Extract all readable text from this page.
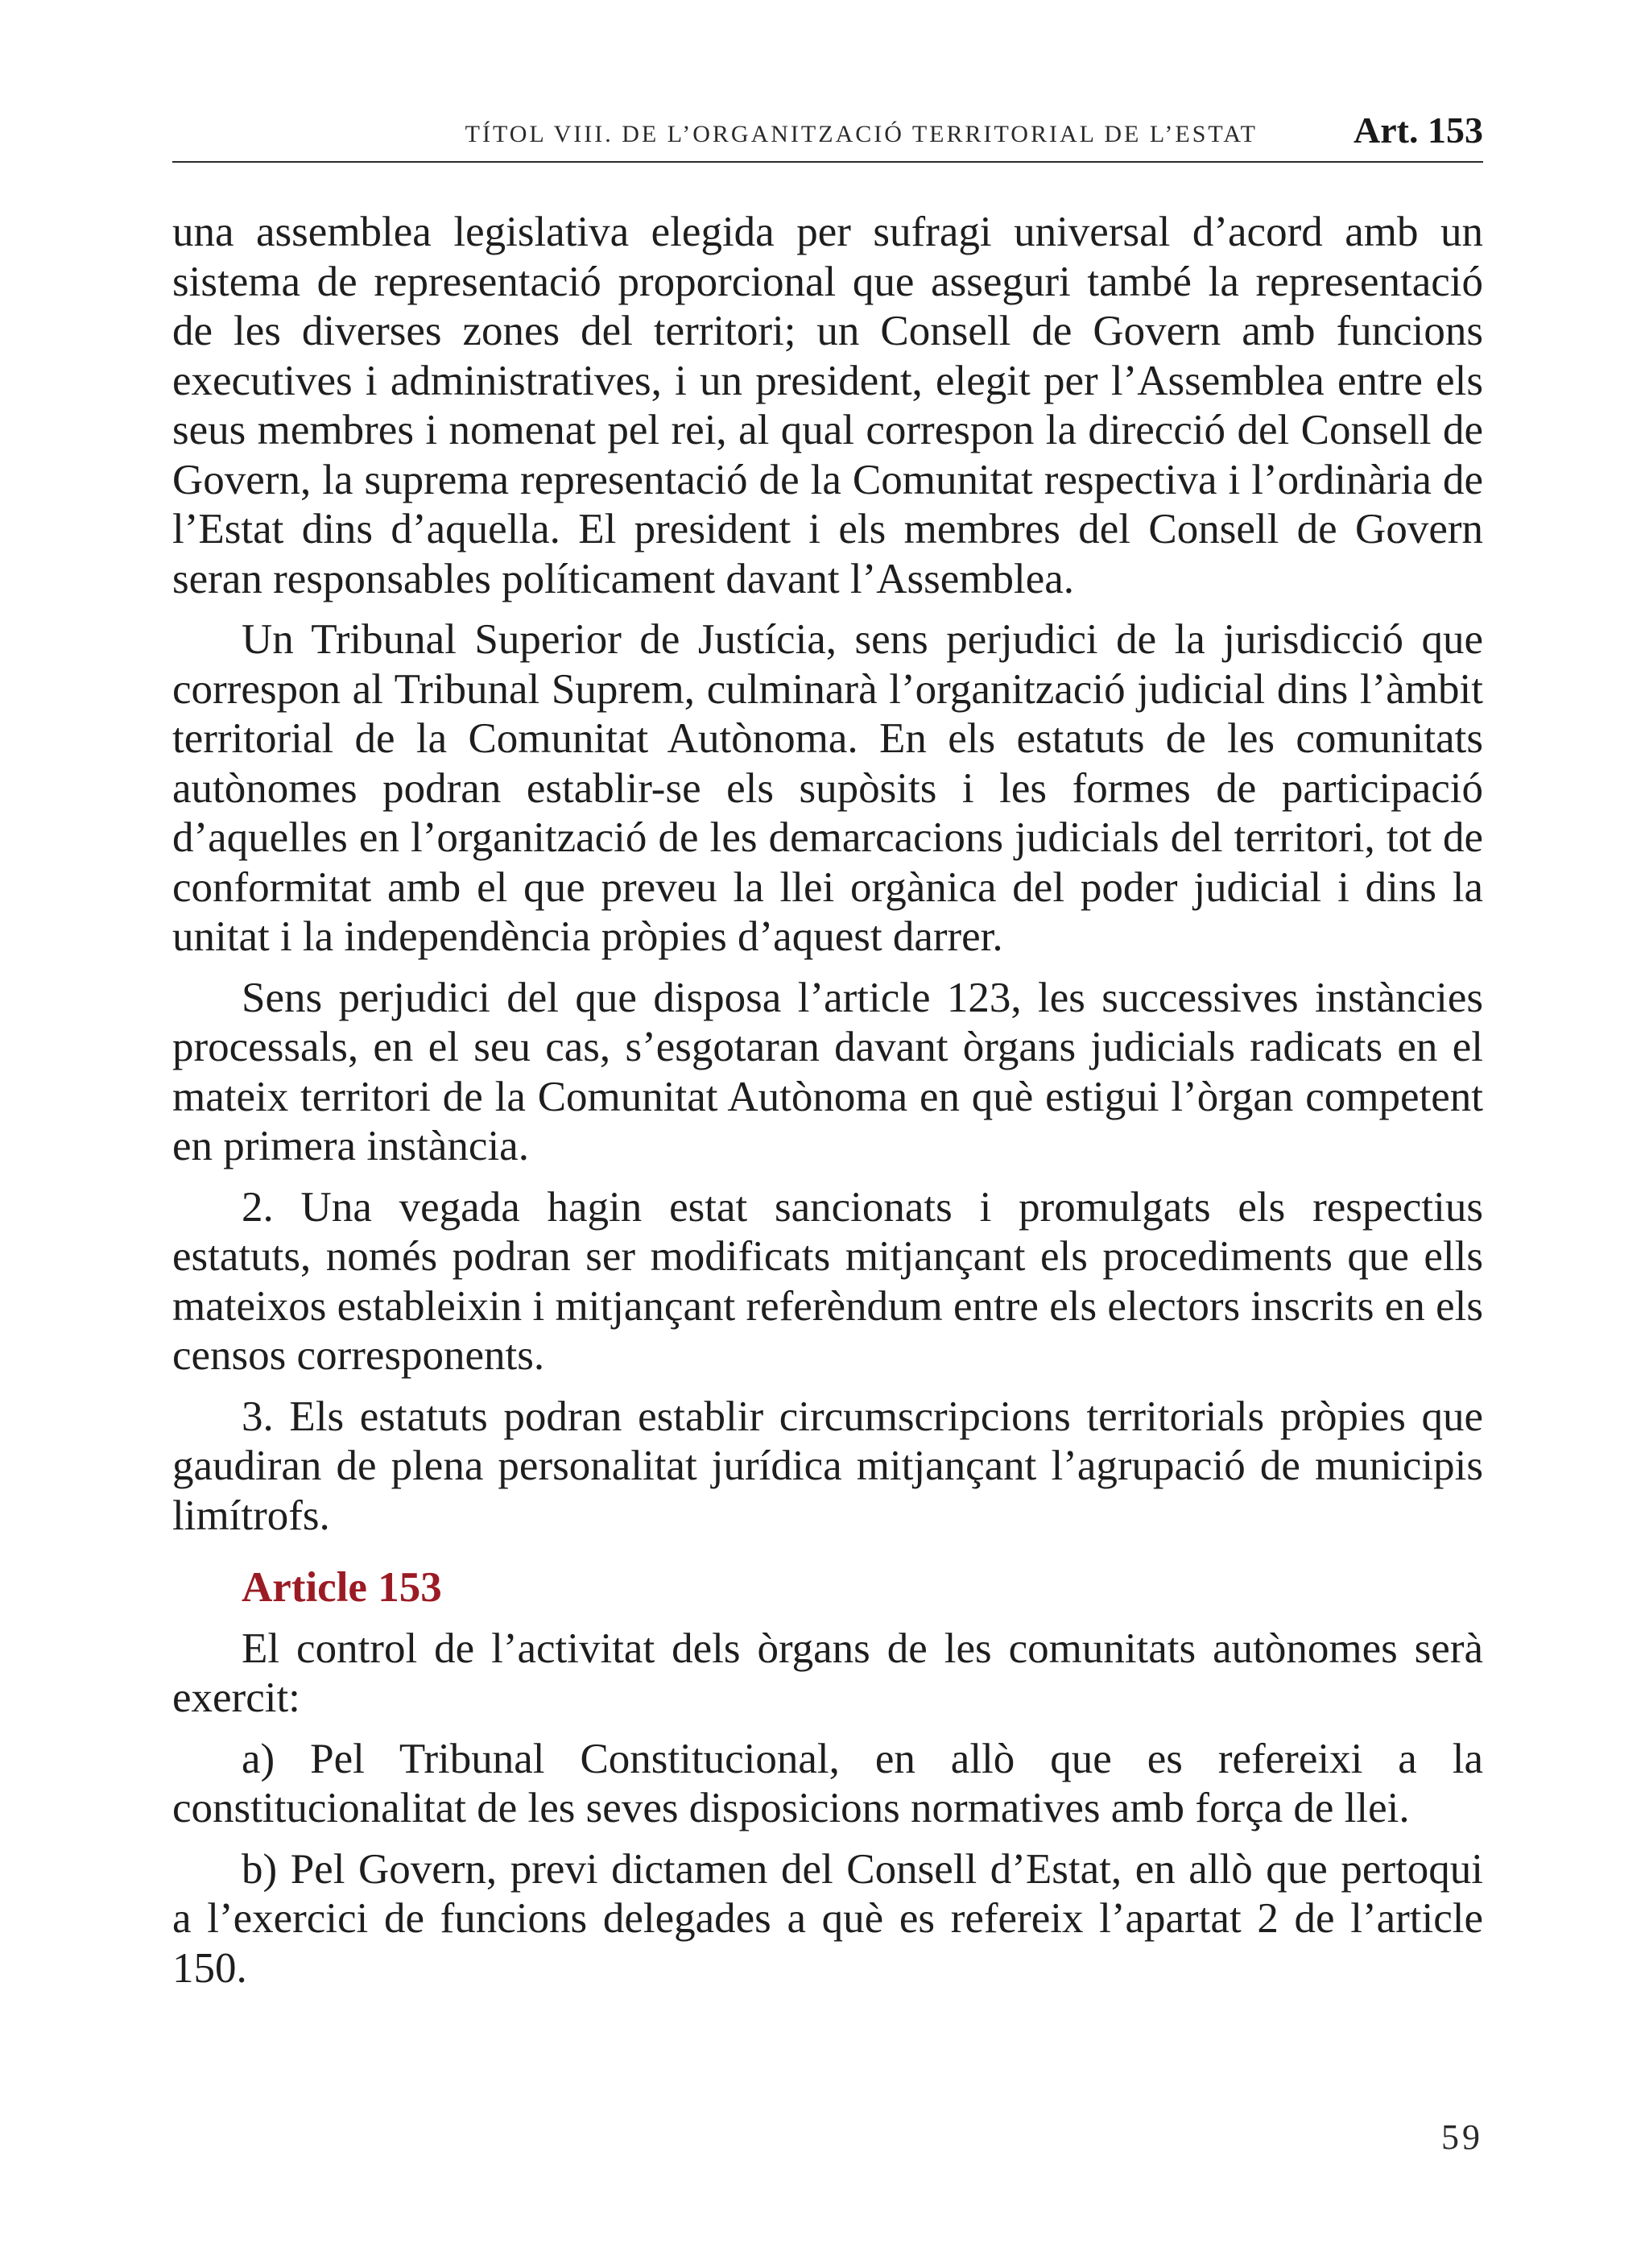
TÍTOL VIII. DE L’ORGANITZACIÓ TERRITORIAL DE L’ESTAT	Art. 153

una assemblea legislativa elegida per sufragi universal d’acord amb un sistema de representació proporcional que asseguri també la representació de les diverses zones del territori; un Consell de Govern amb funcions executives i administratives, i un president, elegit per l’Assemblea entre els seus membres i nomenat pel rei, al qual correspon la direcció del Consell de Govern, la suprema representació de la Comunitat respectiva i l’ordinària de l’Estat dins d’aquella. El president i els membres del Consell de Govern seran responsables políticament davant l’Assemblea.

Un Tribunal Superior de Justícia, sens perjudici de la jurisdicció que correspon al Tribunal Suprem, culminarà l’organització judicial dins l’àmbit territorial de la Comunitat Autònoma. En els estatuts de les comunitats autònomes podran establir-se els supòsits i les formes de participació d’aquelles en l’organització de les demarcacions judicials del territori, tot de conformitat amb el que preveu la llei orgànica del poder judicial i dins la unitat i la independència pròpies d’aquest darrer.

Sens perjudici del que disposa l’article 123, les successives instàncies processals, en el seu cas, s’esgotaran davant òrgans judicials radicats en el mateix territori de la Comunitat Autònoma en què estigui l’òrgan competent en primera instància.

2. Una vegada hagin estat sancionats i promulgats els respectius estatuts, només podran ser modificats mitjançant els procediments que ells mateixos estableixin i mitjançant referèndum entre els electors inscrits en els censos corresponents.

3. Els estatuts podran establir circumscripcions territorials pròpies que gaudiran de plena personalitat jurídica mitjançant l’agrupació de municipis limítrofs.

Article 153

El control de l’activitat dels òrgans de les comunitats autònomes serà exercit:

a) Pel Tribunal Constitucional, en allò que es refereixi a la constitucionalitat de les seves disposicions normatives amb força de llei.

b) Pel Govern, previ dictamen del Consell d’Estat, en allò que pertoqui a l’exercici de funcions delegades a què es refereix l’apartat 2 de l’article 150.

59
